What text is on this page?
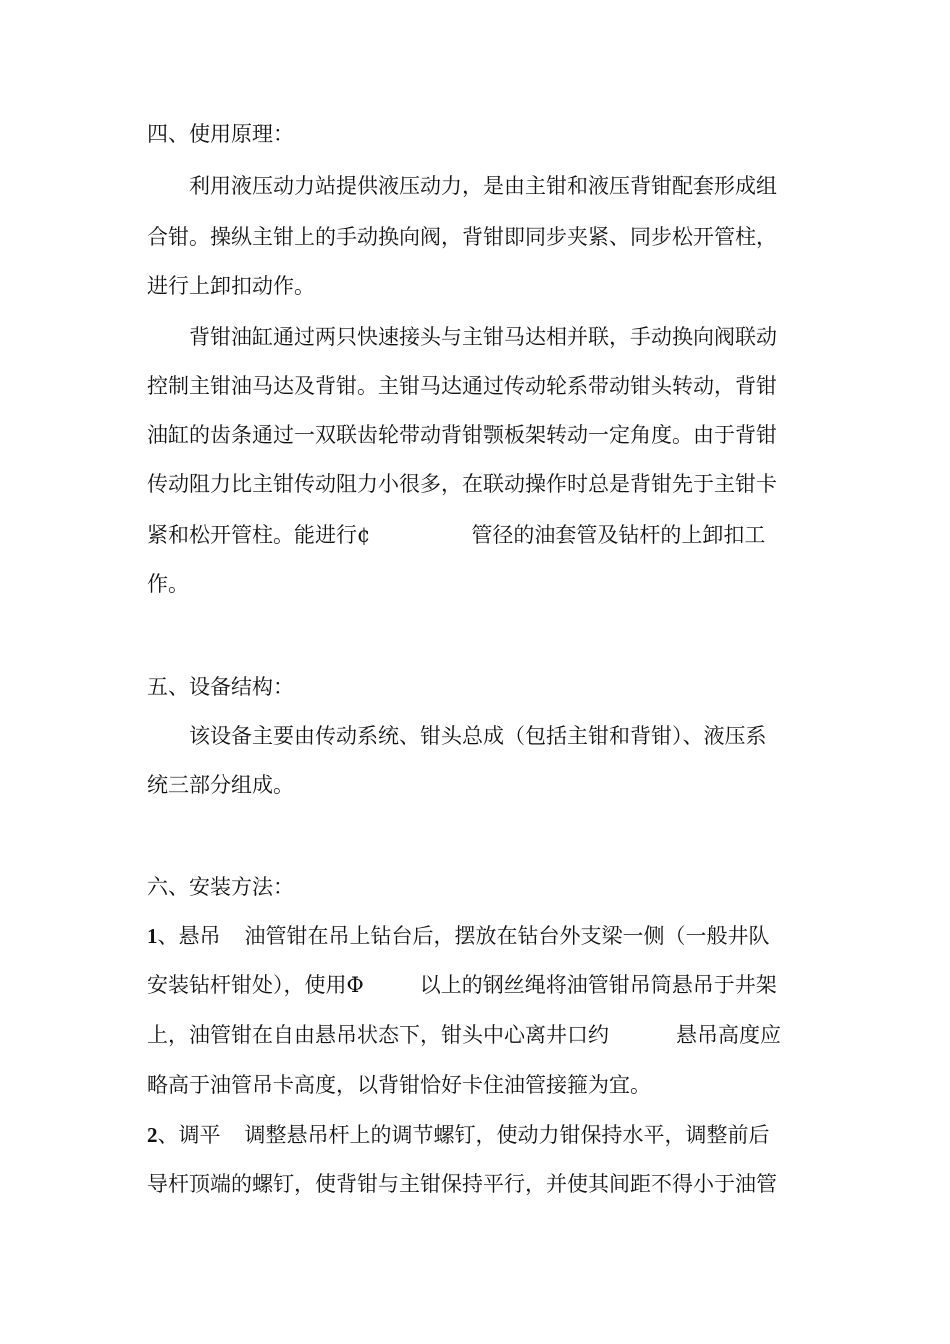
四、使用原理：
利用液压动力站提供液压动力，是由主钳和液压背钳配套形成组
合钳。操纵主钳上的手动换向阀，背钳即同步夹紧、同步松开管柱，
进行上卸扣动作。
背钳油缸通过两只快速接头与主钳马达相并联，手动换向阀联动
控制主钳油马达及背钳。主钳马达通过传动轮系带动钳头转动，背钳
油缸的齿条通过一双联齿轮带动背钳颚板架转动一定角度。由于背钳
传动阻力比主钳传动阻力小很多，在联动操作时总是背钳先于主钳卡
紧和松开管柱。能进行¢	管径的油套管及钻杆的上卸扣工
作。
五、设备结构：
该设备主要由传动系统、钳头总成（包括主钳和背钳）、液压系
统三部分组成。
六、安装方法：
1、悬吊 油管钳在吊上钻台后，摆放在钻台外支梁一侧（一般井队
安装钻杆钳处），使用Φ	以上的钢丝绳将油管钳吊筒悬吊于井架
上，油管钳在自由悬吊状态下，钳头中心离井口约	悬吊高度应
略高于油管吊卡高度，以背钳恰好卡住油管接箍为宜。
2、调平 调整悬吊杆上的调节螺钉，使动力钳保持水平，调整前后
导杆顶端的螺钉，使背钳与主钳保持平行，并使其间距不得小于油管
